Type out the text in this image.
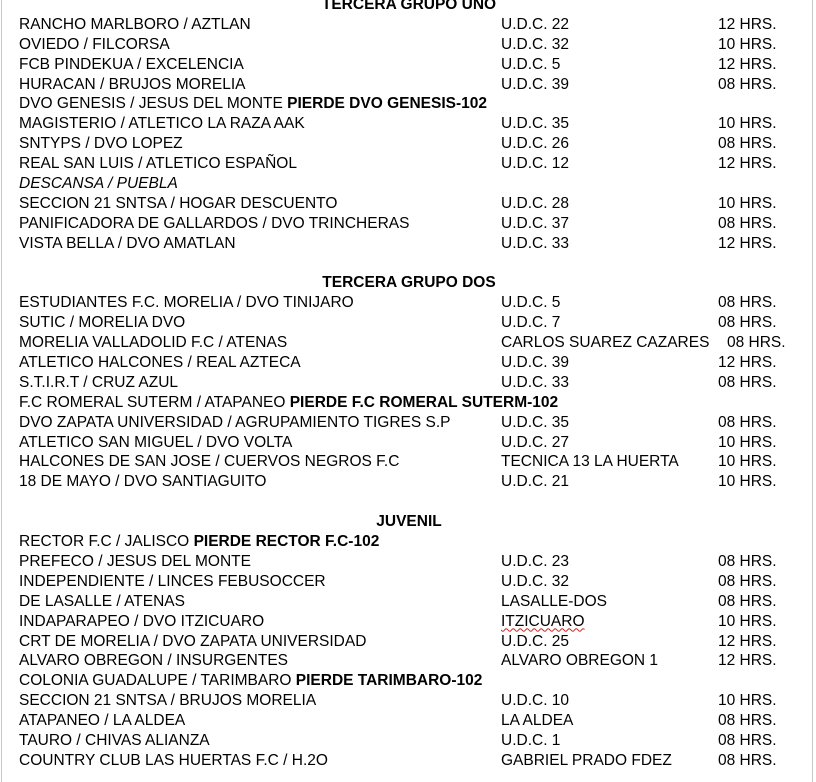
TERCERA GRUPO UNO
RANCHO MARLBORO / AZTLAN	U.D.C. 22	12 HRS.
OVIEDO / FILCORSA	U.D.C. 32	10 HRS.
FCB PINDEKUA / EXCELENCIA	U.D.C. 5	12 HRS.
HURACAN / BRUJOS MORELIA	U.D.C. 39	08 HRS.
DVO GENESIS / JESUS DEL MONTE PIERDE DVO GENESIS-102
MAGISTERIO / ATLETICO LA RAZA AAK	U.D.C. 35	10 HRS.
SNTYPS / DVO LOPEZ	U.D.C. 26	08 HRS.
REAL SAN LUIS / ATLETICO ESPAÑOL	U.D.C. 12	12 HRS.
DESCANSA / PUEBLA
SECCION 21 SNTSA / HOGAR DESCUENTO	U.D.C. 28	10 HRS.
PANIFICADORA DE GALLARDOS / DVO TRINCHERAS	U.D.C. 37	08 HRS.
VISTA BELLA / DVO AMATLAN	U.D.C. 33	12 HRS.
TERCERA GRUPO DOS
ESTUDIANTES F.C. MORELIA / DVO TINIJARO	U.D.C. 5	08 HRS.
SUTIC / MORELIA DVO	U.D.C. 7	08 HRS.
MORELIA VALLADOLID F.C / ATENAS	CARLOS SUAREZ CAZARES 08 HRS.
ATLETICO HALCONES / REAL AZTECA	U.D.C. 39	12 HRS.
S.T.I.R.T / CRUZ AZUL	U.D.C. 33	08 HRS.
F.C ROMERAL SUTERM / ATAPANEO PIERDE F.C ROMERAL SUTERM-102
DVO ZAPATA UNIVERSIDAD / AGRUPAMIENTO TIGRES S.P	U.D.C. 35	08 HRS.
ATLETICO SAN MIGUEL / DVO VOLTA	U.D.C. 27	10 HRS.
HALCONES DE SAN JOSE / CUERVOS NEGROS F.C	TECNICA 13 LA HUERTA	10 HRS.
18 DE MAYO / DVO SANTIAGUITO	U.D.C. 21	10 HRS.
JUVENIL
RECTOR F.C / JALISCO PIERDE RECTOR F.C-102
PREFECO / JESUS DEL MONTE	U.D.C. 23	08 HRS.
INDEPENDIENTE / LINCES FEBUSOCCER	U.D.C. 32	08 HRS.
DE LASALLE / ATENAS	LASALLE-DOS	08 HRS.
INDAPARAPEO / DVO ITZICUARO	ITZICUARO	10 HRS.
CRT DE MORELIA / DVO ZAPATA UNIVERSIDAD	U.D.C. 25	12 HRS.
ALVARO OBREGON / INSURGENTES	ALVARO OBREGON 1	12 HRS.
COLONIA GUADALUPE / TARIMBARO PIERDE TARIMBARO-102
SECCION 21 SNTSA / BRUJOS MORELIA	U.D.C. 10	10 HRS.
ATAPANEO / LA ALDEA	LA ALDEA	08 HRS.
TAURO / CHIVAS ALIANZA	U.D.C. 1	08 HRS.
COUNTRY CLUB LAS HUERTAS F.C / H.2O	GABRIEL PRADO FDEZ	08 HRS.
